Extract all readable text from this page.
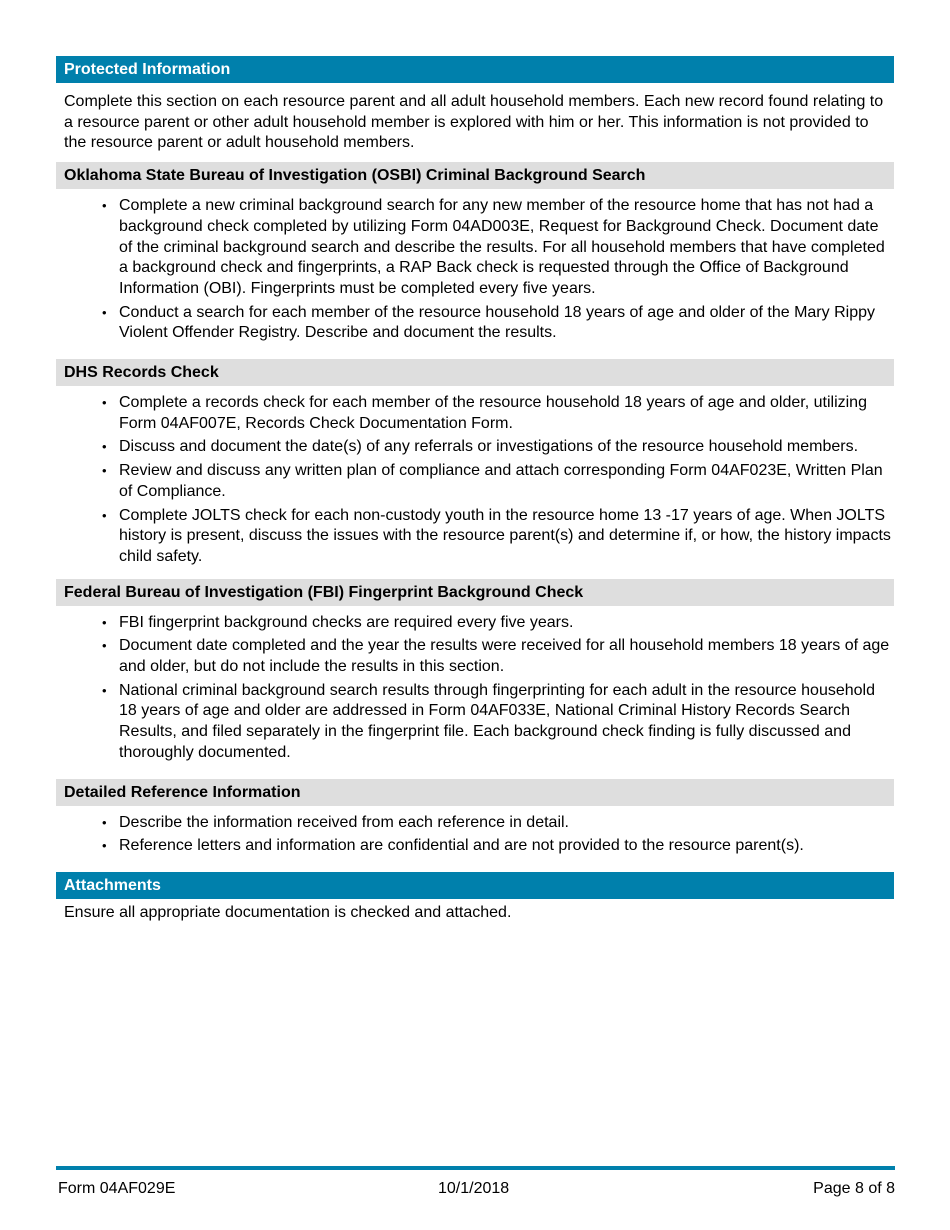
Protected Information

Complete this section on each resource parent and all adult household members. Each new record found relating to a resource parent or other adult household member is explored with him or her. This information is not provided to the resource parent or adult household members.

Oklahoma State Bureau of Investigation (OSBI) Criminal Background Search
• Complete a new criminal background search for any new member of the resource home that has not had a background check completed by utilizing Form 04AD003E, Request for Background Check. Document date of the criminal background search and describe the results. For all household members that have completed a background check and fingerprints, a RAP Back check is requested through the Office of Background Information (OBI). Fingerprints must be completed every five years.
• Conduct a search for each member of the resource household 18 years of age and older of the Mary Rippy Violent Offender Registry. Describe and document the results.
DHS Records Check
• Complete a records check for each member of the resource household 18 years of age and older, utilizing Form 04AF007E, Records Check Documentation Form.
• Discuss and document the date(s) of any referrals or investigations of the resource household members.
• Review and discuss any written plan of compliance and attach corresponding Form 04AF023E, Written Plan of Compliance.
• Complete JOLTS check for each non-custody youth in the resource home 13 -17 years of age. When JOLTS history is present, discuss the issues with the resource parent(s) and determine if, or how, the history impacts child safety.
Federal Bureau of Investigation (FBI) Fingerprint Background Check
• FBI fingerprint background checks are required every five years.
• Document date completed and the year the results were received for all household members 18 years of age and older, but do not include the results in this section.
• National criminal background search results through fingerprinting for each adult in the resource household 18 years of age and older are addressed in Form 04AF033E, National Criminal History Records Search Results, and filed separately in the fingerprint file. Each background check finding is fully discussed and thoroughly documented.
Detailed Reference Information
• Describe the information received from each reference in detail.
• Reference letters and information are confidential and are not provided to the resource parent(s).
Attachments

Ensure all appropriate documentation is checked and attached.

Form 04AF029E	10/1/2018	Page 8 of 8
